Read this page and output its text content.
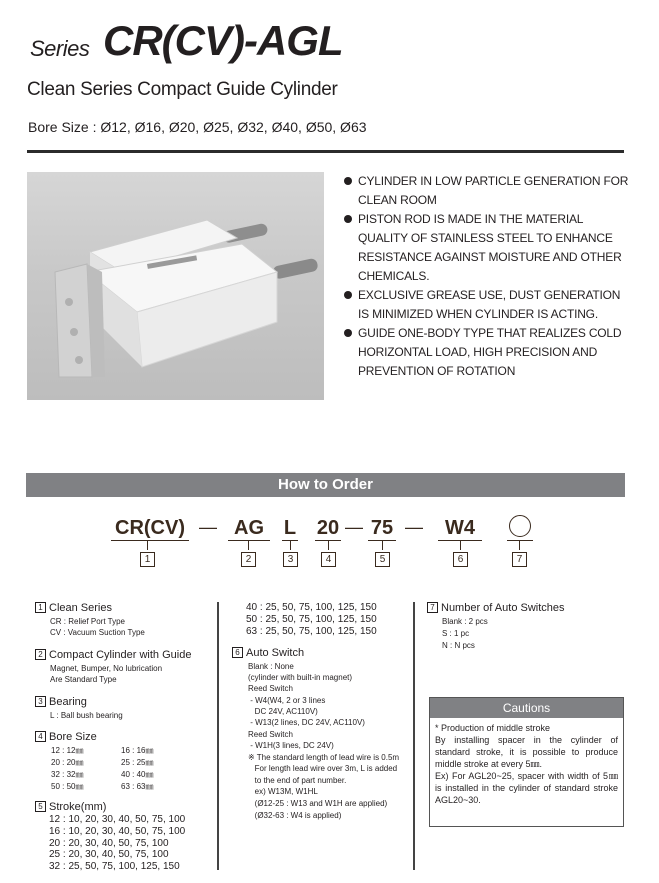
Series CR(CV)-AGL
Clean Series Compact Guide Cylinder
Bore Size : Ø12, Ø16, Ø20, Ø25, Ø32, Ø40, Ø50, Ø63
CYLINDER IN LOW PARTICLE GENERATION FOR CLEAN ROOM
PISTON ROD IS MADE IN THE MATERIAL QUALITY OF STAINLESS STEEL TO ENHANCE RESISTANCE AGAINST MOISTURE AND OTHER CHEMICALS.
EXCLUSIVE GREASE USE, DUST GENERATION IS MINIMIZED WHEN CYLINDER IS ACTING.
GUIDE ONE-BODY TYPE THAT REALIZES COLD HORIZONTAL LOAD, HIGH PRECISION AND PREVENTION OF ROTATION
How to Order
CR(CV)
1
— AG
2
L
3
20
4
— 75
5
—	W4
6	7
1 Clean Series
CR : Relief Port Type
CV : Vacuum Suction Type
2 Compact Cylinder with Guide
Magnet, Bumper, No lubrication
Are Standard Type
3 Bearing
L : Ball bush bearing
4 Bore Size
12 : 12㎜
20 : 20㎜
32 : 32㎜
50 : 50㎜
16 : 16㎜
25 : 25㎜
40 : 40㎜
63 : 63㎜
5 Stroke(mm)
12 : 10, 20, 30, 40, 50, 75, 100
16 : 10, 20, 30, 40, 50, 75, 100
20 : 20, 30, 40, 50, 75, 100
25 : 20, 30, 40, 50, 75, 100
32 : 25, 50, 75, 100, 125, 150
40 : 25, 50, 75, 100, 125, 150
50 : 25, 50, 75, 100, 125, 150
63 : 25, 50, 75, 100, 125, 150
6 Auto Switch
Blank : None
(cylinder with built-in magnet)
Reed Switch
- W4(W4, 2 or 3 lines
DC 24V, AC110V)
- W13(2 lines, DC 24V, AC110V)
Reed Switch
- W1H(3 lines, DC 24V)
※ The standard length of lead wire is 0.5m
For length lead wire over 3m, L is added
to the end of part number.
ex) W13M, W1HL
(Ø12-25 : W13 and W1H are applied)
(Ø32-63 : W4 is applied)
7 Number of Auto Switches
Blank : 2 pcs
S : 1 pc
N : N pcs
Cautions

* Production of middle stroke

By installing spacer in the cylinder of standard stroke, it is possible to produce middle stroke at every 5㎜.

Ex) For AGL20~25, spacer with width of 5㎜ is installed in the cylinder of standard stroke AGL20~30.
